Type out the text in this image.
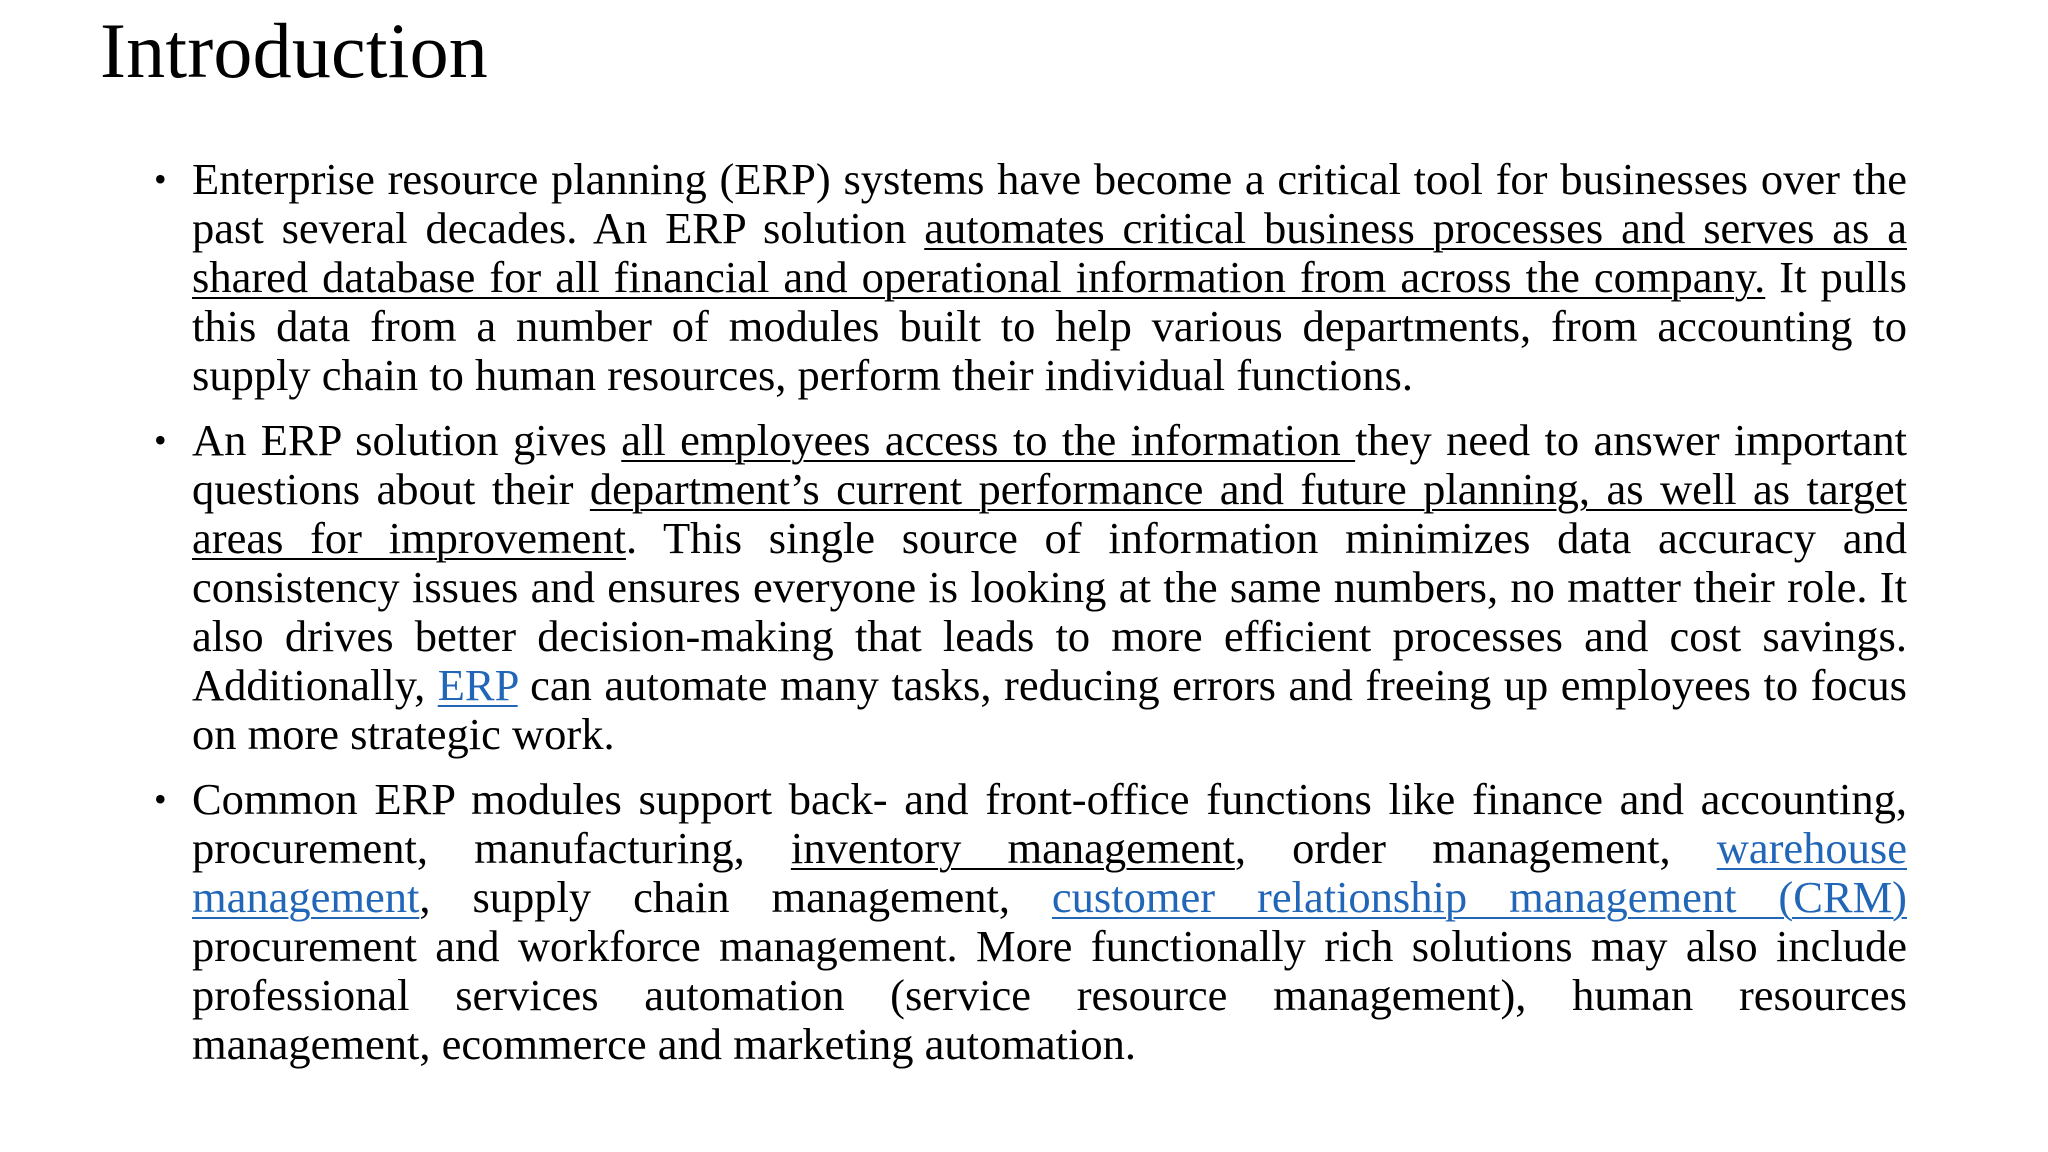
Introduction
• Enterprise resource planning (ERP) systems have become a critical tool for businesses over the past several decades. An ERP solution automates critical business processes and serves as a shared database for all financial and operational information from across the company. It pulls this data from a number of modules built to help various departments, from accounting to supply chain to human resources, perform their individual functions.
• An ERP solution gives all employees access to the information they need to answer important questions about their department’s current performance and future planning, as well as target areas for improvement. This single source of information minimizes data accuracy and consistency issues and ensures everyone is looking at the same numbers, no matter their role. It also drives better decision-making that leads to more efficient processes and cost savings. Additionally, ERP can automate many tasks, reducing errors and freeing up employees to focus on more strategic work.
• Common ERP modules support back- and front-office functions like finance and accounting, procurement, manufacturing, inventory management, order management, warehouse management, supply chain management, customer relationship management (CRM) procurement and workforce management. More functionally rich solutions may also include professional services automation (service resource management), human resources management, ecommerce and marketing automation.
